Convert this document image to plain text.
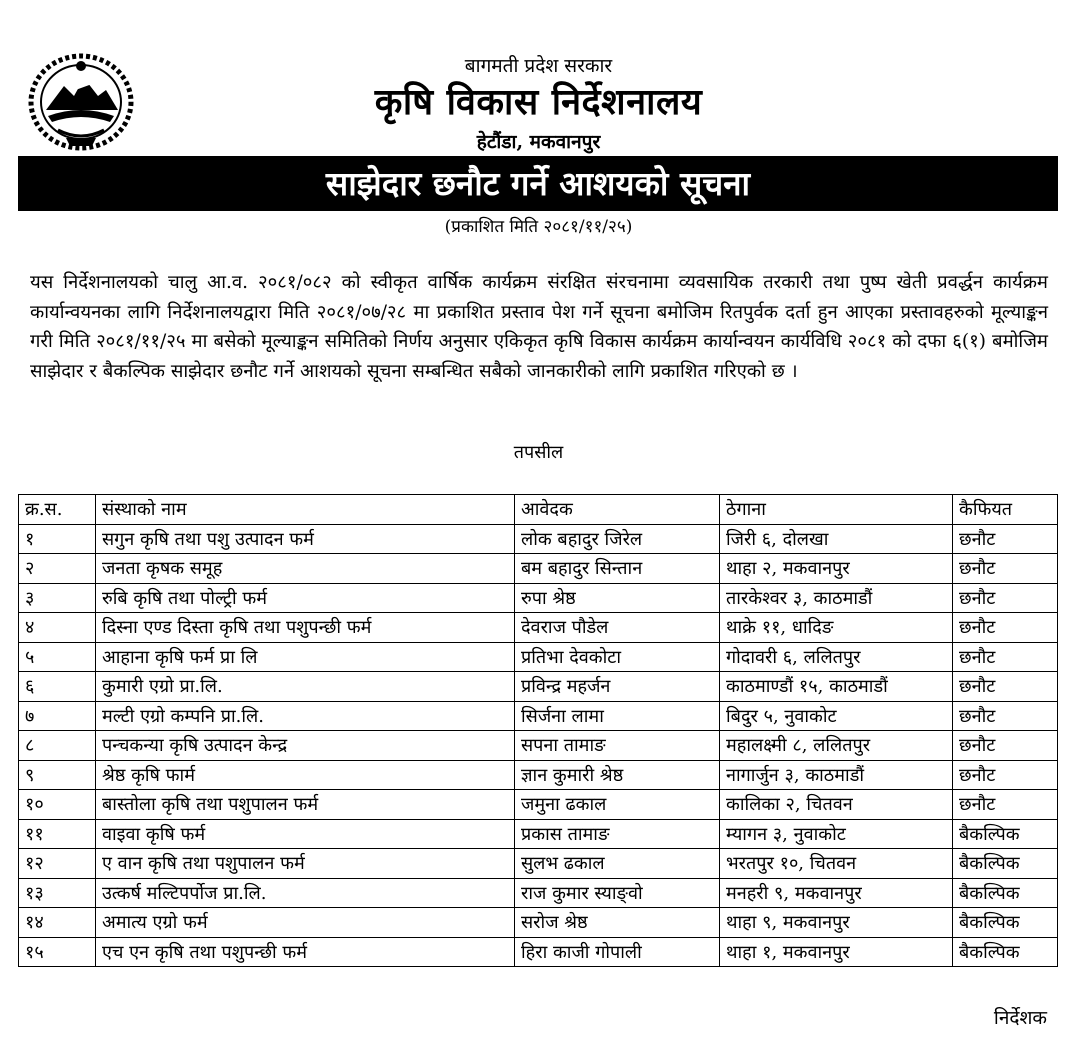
बागमती प्रदेश सरकार
कृषि विकास निर्देशनालय
हेटौंडा, मकवानपुर
साझेदार छनौट गर्ने आशयको सूचना
(प्रकाशित मिति २०८१/११/२५)
यस निर्देशनालयको चालु आ.व. २०८१/०८२ को स्वीकृत वार्षिक कार्यक्रम संरक्षित संरचनामा व्यवसायिक तरकारी तथा पुष्प खेती प्रवर्द्धन कार्यक्रम कार्यान्वयनका लागि निर्देशनालयद्वारा मिति २०८१/०७/२८ मा प्रकाशित प्रस्ताव पेश गर्ने सूचना बमोजिम रितपुर्वक दर्ता हुन आएका प्रस्तावहरुको मूल्याङ्कन गरी मिति २०८१/११/२५ मा बसेको मूल्याङ्कन समितिको निर्णय अनुसार एकिकृत कृषि विकास कार्यक्रम कार्यान्वयन कार्यविधि २०८१ को दफा ६(१) बमोजिम साझेदार र बैकल्पिक साझेदार छनौट गर्ने आशयको सूचना सम्बन्धित सबैको जानकारीको लागि प्रकाशित गरिएको छ ।
तपसील
क्र.स.	संस्थाको नाम	आवेदक	ठेगाना	कैफियत
१	सगुन कृषि तथा पशु उत्पादन फर्म	लोक बहादुर जिरेल	जिरी ६, दोलखा	छनौट
२	जनता कृषक समूह	बम बहादुर सिन्तान	थाहा २, मकवानपुर	छनौट
३	रुबि कृषि तथा पोल्ट्री फर्म	रुपा श्रेष्ठ	तारकेश्वर ३, काठमाडौं	छनौट
४	दिस्ना एण्ड दिस्ता कृषि तथा पशुपन्छी फर्म	देवराज पौडेल	थाक्रे ११, धादिङ	छनौट
५	आहाना कृषि फर्म प्रा लि	प्रतिभा देवकोटा	गोदावरी ६, ललितपुर	छनौट
६	कुमारी एग्रो प्रा.लि.	प्रविन्द्र महर्जन	काठमाण्डौं १५, काठमाडौं	छनौट
७	मल्टी एग्रो कम्पनि प्रा.लि.	सिर्जना लामा	बिदुर ५, नुवाकोट	छनौट
८	पन्चकन्या कृषि उत्पादन केन्द्र	सपना तामाङ	महालक्ष्मी ८, ललितपुर	छनौट
९	श्रेष्ठ कृषि फार्म	ज्ञान कुमारी श्रेष्ठ	नागार्जुन ३, काठमाडौं	छनौट
१०	बास्तोला कृषि तथा पशुपालन फर्म	जमुना ढकाल	कालिका २, चितवन	छनौट
११	वाइवा कृषि फर्म	प्रकास तामाङ	म्यागन ३, नुवाकोट	बैकल्पिक
१२	ए वान कृषि तथा पशुपालन फर्म	सुलभ ढकाल	भरतपुर १०, चितवन	बैकल्पिक
१३	उत्कर्ष मल्टिपर्पोज प्रा.लि.	राज कुमार स्याङ्वो	मनहरी ९, मकवानपुर	बैकल्पिक
१४	अमात्य एग्रो फर्म	सरोज श्रेष्ठ	थाहा ९, मकवानपुर	बैकल्पिक
१५	एच एन कृषि तथा पशुपन्छी फर्म	हिरा काजी गोपाली	थाहा १, मकवानपुर	बैकल्पिक
निर्देशक
